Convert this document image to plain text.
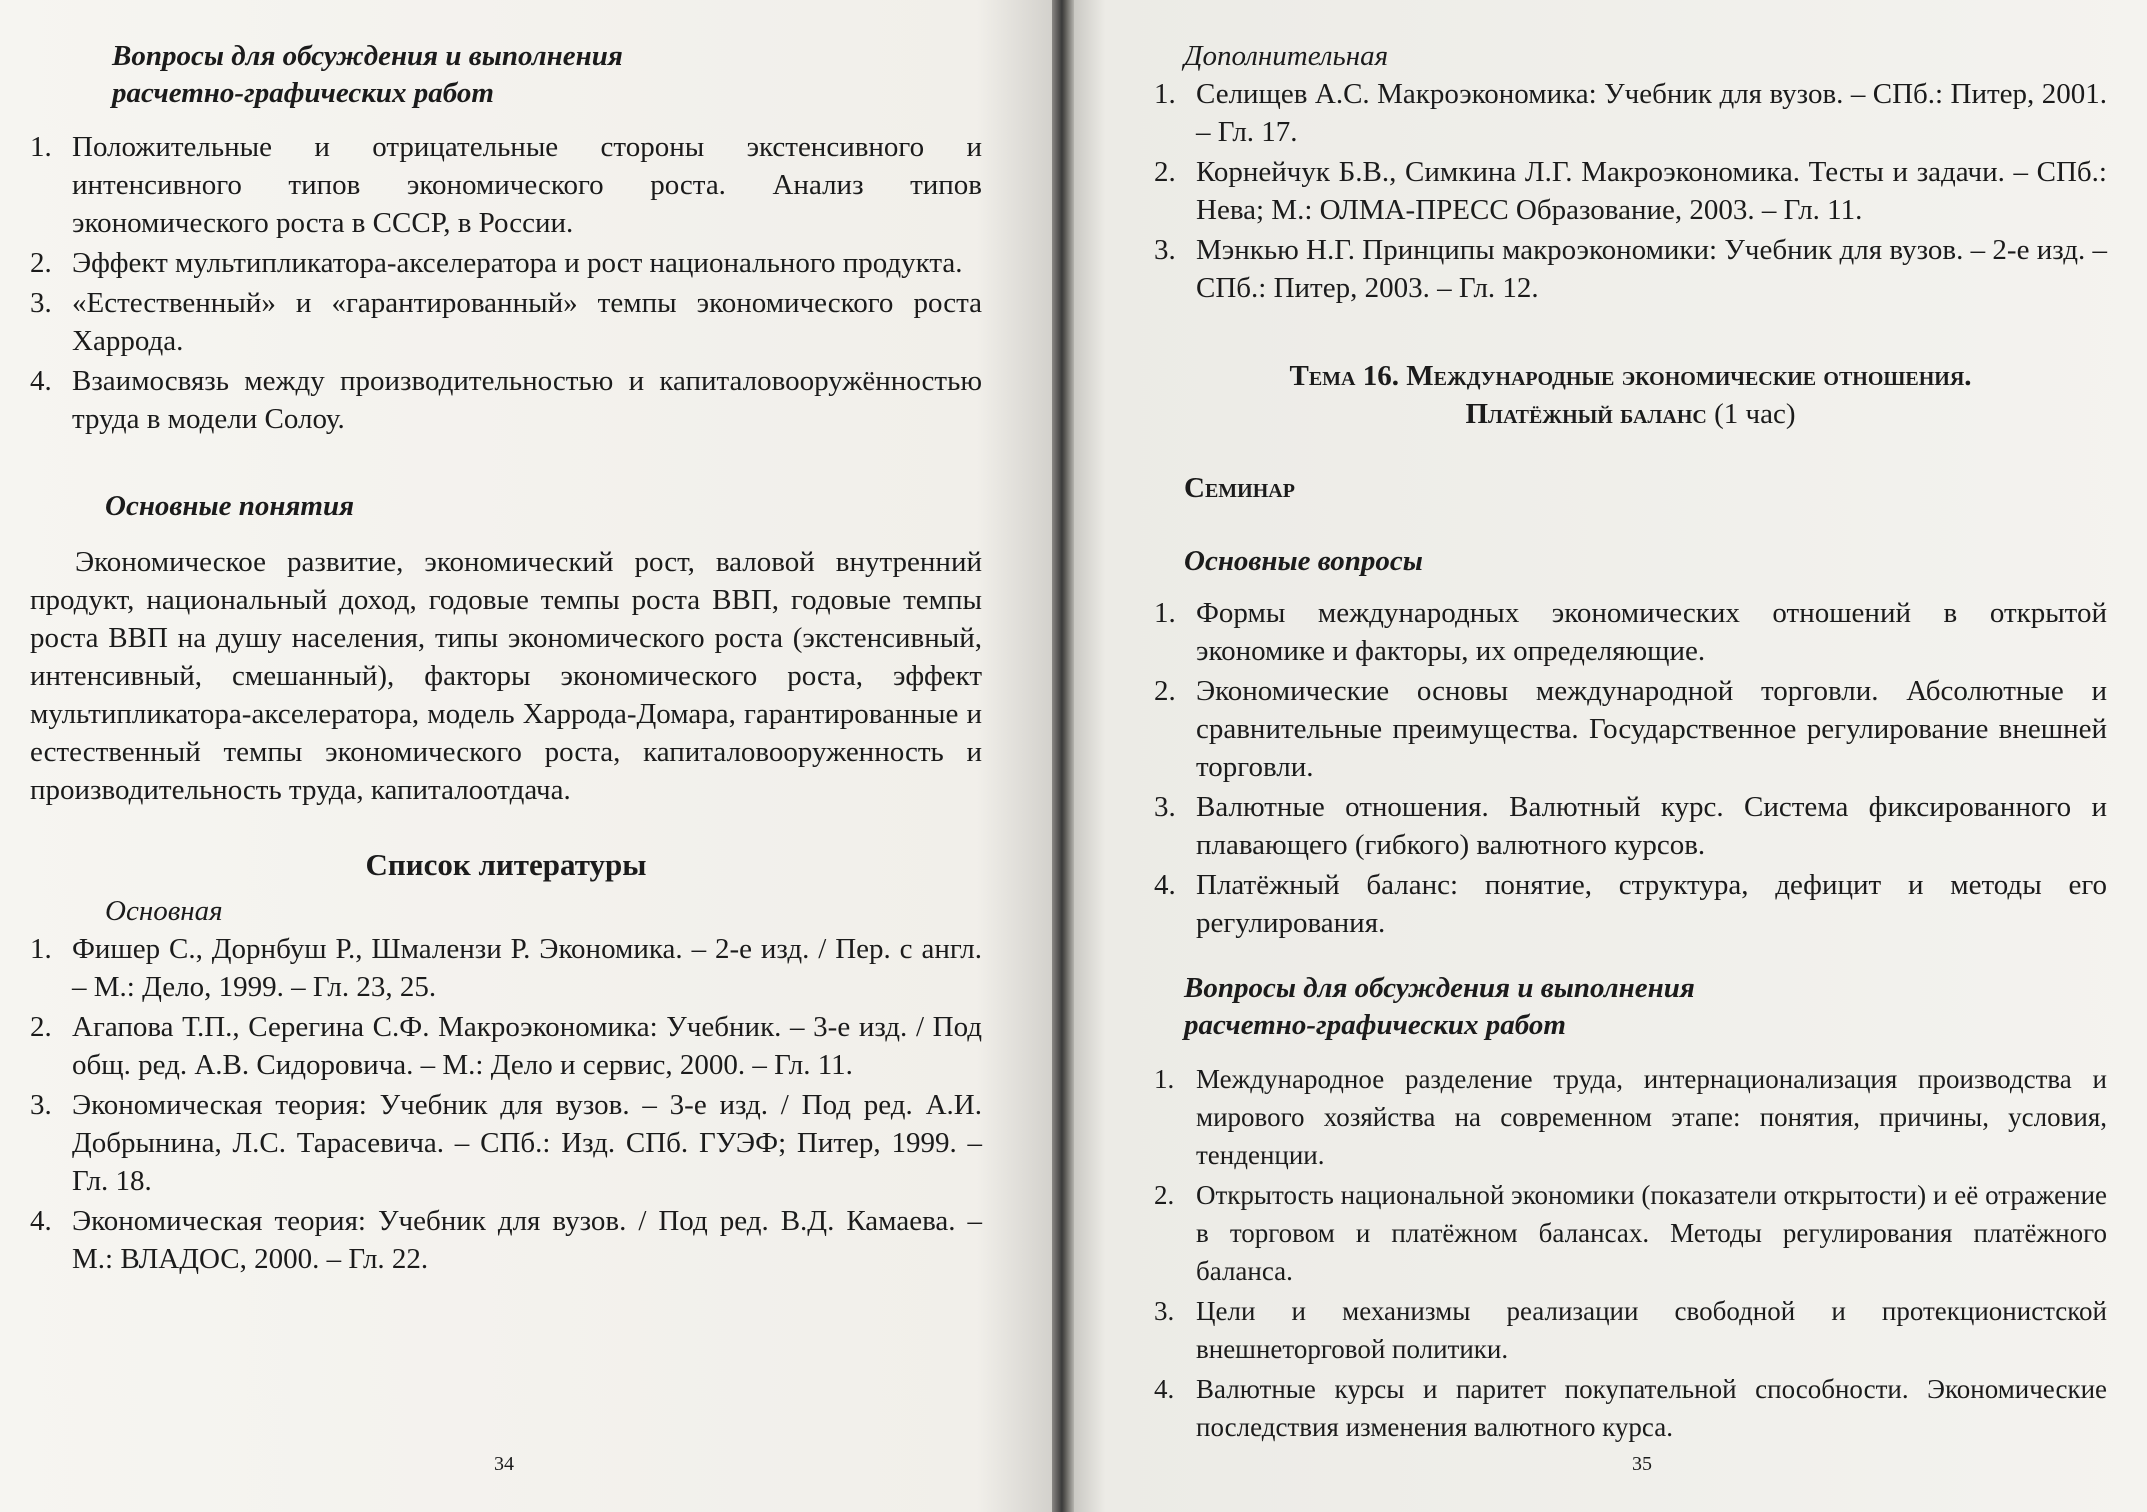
Вопросы для обсуждения и выполнения
расчетно-графических работ
1. Положительные и отрицательные стороны экстенсивного и интенсивного типов экономического роста. Анализ типов экономического роста в СССР, в России.
2. Эффект мультипликатора-акселератора и рост национального продукта.
3. «Естественный» и «гарантированный» темпы экономического роста Харрода.
4. Взаимосвязь между производительностью и капиталовооружённостью труда в модели Солоу.

Основные понятия

Экономическое развитие, экономический рост, валовой внутренний продукт, национальный доход, годовые темпы роста ВВП, годовые темпы роста ВВП на душу населения, типы экономического роста (экстенсивный, интенсивный, смешанный), факторы экономического роста, эффект мультипликатора-акселератора, модель Харрода-Домара, гарантированные и естественный темпы экономического роста, капиталовооруженность и производительность труда, капиталоотдача.

Список литературы

Основная

1. Фишер С., Дорнбуш Р., Шмалензи Р. Экономика. – 2-е изд. / Пер. с англ. – М.: Дело, 1999. – Гл. 23, 25.
2. Агапова Т.П., Серегина С.Ф. Макроэкономика: Учебник. – 3-е изд. / Под общ. ред. А.В. Сидоровича. – М.: Дело и сервис, 2000. – Гл. 11.
3. Экономическая теория: Учебник для вузов. – 3-е изд. / Под ред. А.И. Добрынина, Л.С. Тарасевича. – СПб.: Изд. СПб. ГУЭФ; Питер, 1999. – Гл. 18.
4. Экономическая теория: Учебник для вузов. / Под ред. В.Д. Камаева. – М.: ВЛАДОС, 2000. – Гл. 22.
34

Дополнительная

1. Селищев А.С. Макроэкономика: Учебник для вузов. – СПб.: Питер, 2001. – Гл. 17.
2. Корнейчук Б.В., Симкина Л.Г. Макроэкономика. Тесты и задачи. – СПб.: Нева; М.: ОЛМА-ПРЕСС Образование, 2003. – Гл. 11.
3. Мэнкью Н.Г. Принципы макроэкономики: Учебник для вузов. – 2-е изд. – СПб.: Питер, 2003. – Гл. 12.
Тема 16. Международные экономические отношения.
Платёжный баланс (1 час)

Семинар

Основные вопросы

1. Формы международных экономических отношений в открытой экономике и факторы, их определяющие.
2. Экономические основы международной торговли. Абсолютные и сравнительные преимущества. Государственное регулирование внешней торговли.
3. Валютные отношения. Валютный курс. Система фиксированного и плавающего (гибкого) валютного курсов.
4. Платёжный баланс: понятие, структура, дефицит и методы его регулирования.
Вопросы для обсуждения и выполнения
расчетно-графических работ
1. Международное разделение труда, интернационализация производства и мирового хозяйства на современном этапе: понятия, причины, условия, тенденции.
2. Открытость национальной экономики (показатели открытости) и её отражение в торговом и платёжном балансах. Методы регулирования платёжного баланса.
3. Цели и механизмы реализации свободной и протекционистской внешнеторговой политики.
4. Валютные курсы и паритет покупательной способности. Экономические последствия изменения валютного курса.
35
